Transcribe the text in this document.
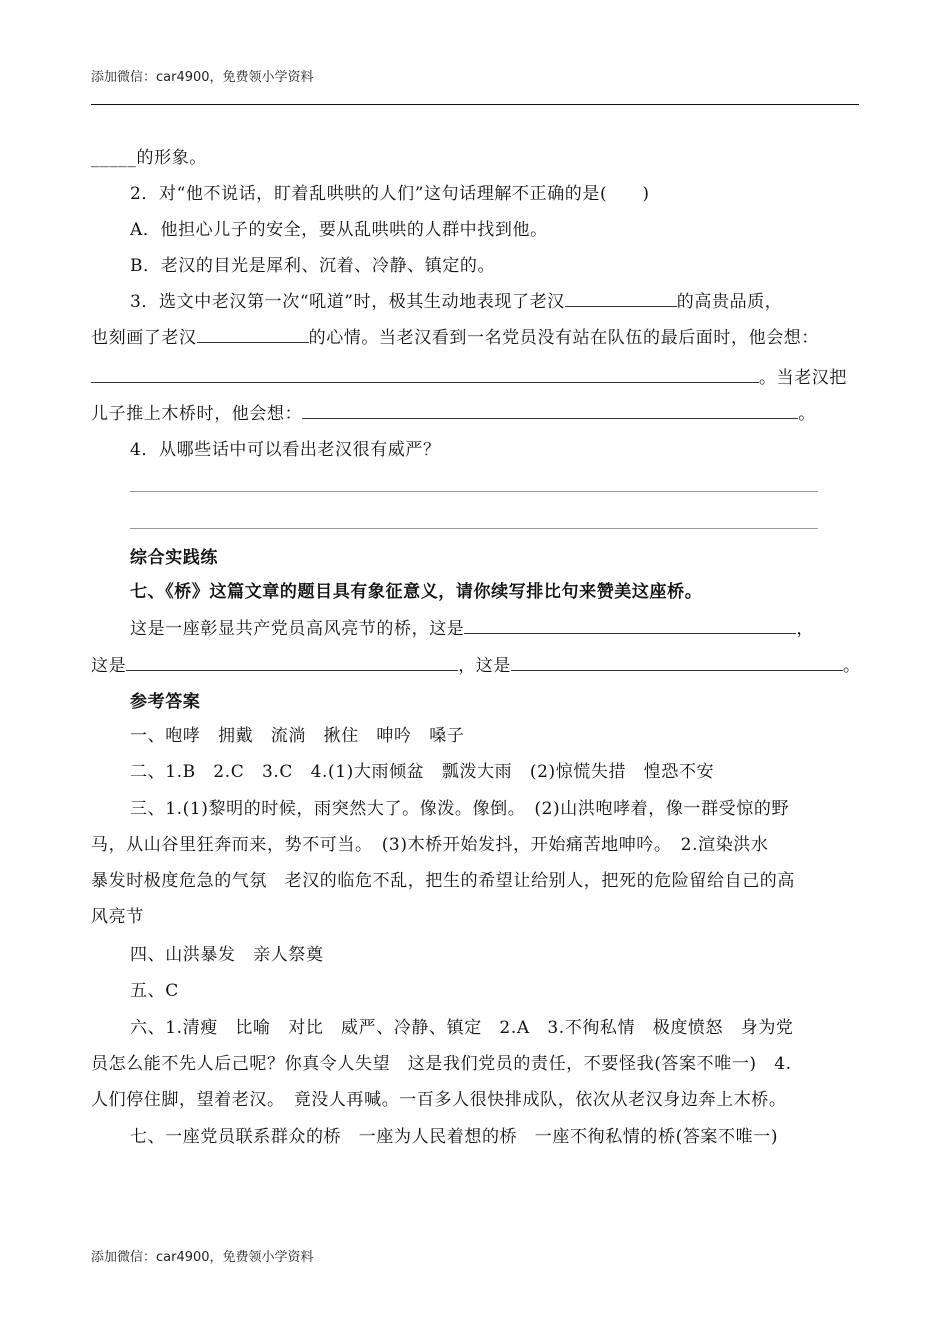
添加微信：car4900，免费领小学资料
_____的形象。
2．对“他不说话，盯着乱哄哄的人们”这句话理解不正确的是(　　)
A．他担心儿子的安全，要从乱哄哄的人群中找到他。
B．老汉的目光是犀利、沉着、冷静、镇定的。
3．选文中老汉第一次“吼道”时，极其生动地表现了老汉	的高贵品质，
也刻画了老汉	的心情。当老汉看到一名党员没有站在队伍的最后面时，他会想：
。当老汉把
儿子推上木桥时，他会想：	。
4．从哪些话中可以看出老汉很有威严？
综合实践练
七、《桥》这篇文章的题目具有象征意义，请你续写排比句来赞美这座桥。
这是一座彰显共产党员高风亮节的桥，这是	，
这是	，这是	。
参考答案
一、咆哮　拥戴　流淌　揪住　呻吟　嗓子
二、1.B　2.C　3.C　4.(1)大雨倾盆　瓢泼大雨　(2)惊慌失措　惶恐不安
三、1.(1)黎明的时候，雨突然大了。像泼。像倒。　(2)山洪咆哮着，像一群受惊的野
马，从山谷里狂奔而来，势不可当。　(3)木桥开始发抖，开始痛苦地呻吟。　2.渲染洪水
暴发时极度危急的气氛　老汉的临危不乱，把生的希望让给别人，把死的危险留给自己的高
风亮节
四、山洪暴发　亲人祭奠
五、C
六、1.清瘦　比喻　对比　威严、冷静、镇定　2.A　3.不徇私情　极度愤怒　身为党
员怎么能不先人后己呢？你真令人失望　这是我们党员的责任，不要怪我(答案不唯一)　4.
人们停住脚，望着老汉。　竟没人再喊。一百多人很快排成队，依次从老汉身边奔上木桥。
七、一座党员联系群众的桥　一座为人民着想的桥　一座不徇私情的桥(答案不唯一)
添加微信：car4900，免费领小学资料
